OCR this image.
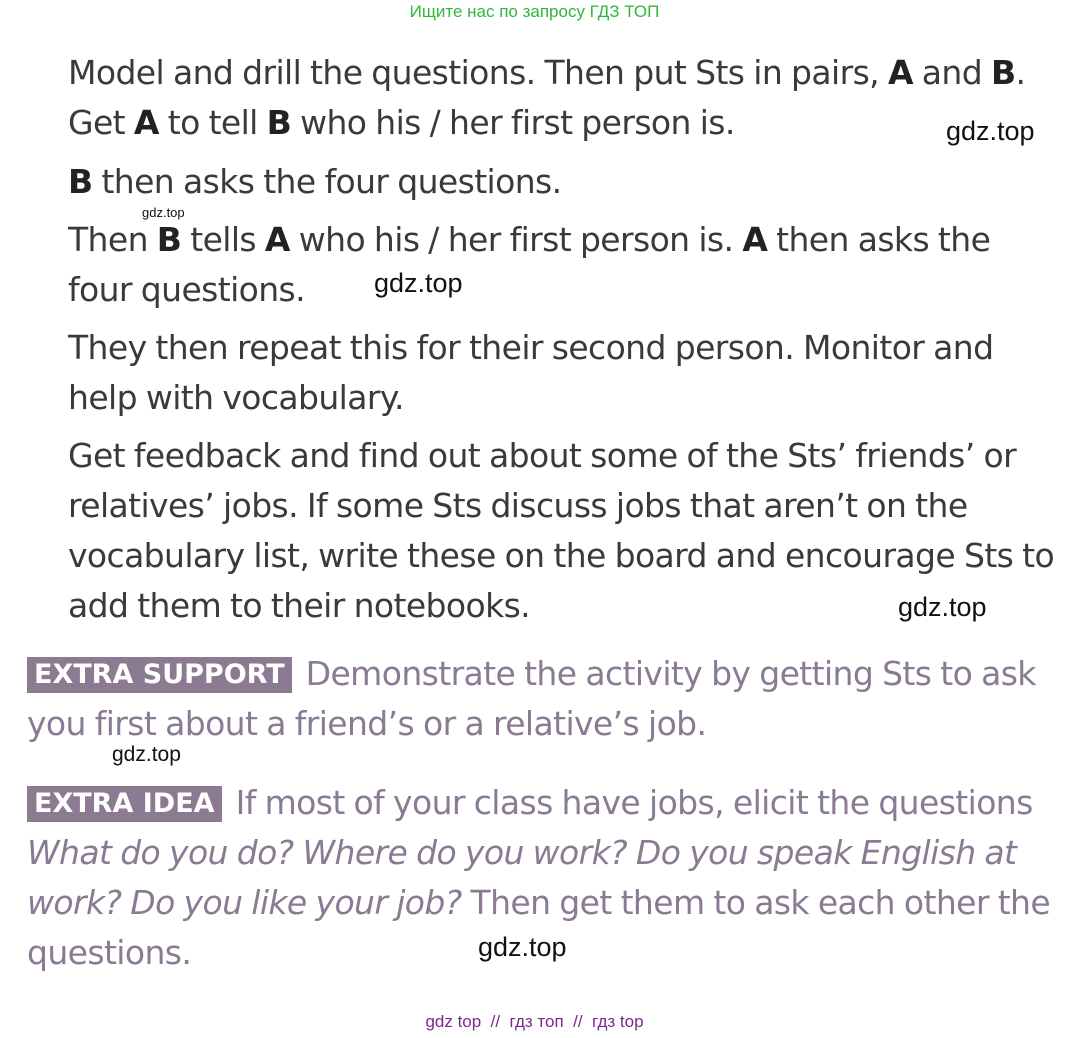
Ищите нас по запросу ГДЗ ТОП

Model and drill the questions. Then put Sts in pairs, A and B. Get A to tell B who his / her first person is.

B then asks the four questions.

Then B tells A who his / her first person is. A then asks the four questions.

They then repeat this for their second person. Monitor and help with vocabulary.

Get feedback and find out about some of the Sts’ friends’ or relatives’ jobs. If some Sts discuss jobs that aren’t on the vocabulary list, write these on the board and encourage Sts to add them to their notebooks.

EXTRA SUPPORT Demonstrate the activity by getting Sts to ask you first about a friend’s or a relative’s job.

EXTRA IDEA If most of your class have jobs, elicit the questions What do you do? Where do you work? Do you speak English at work? Do you like your job? Then get them to ask each other the questions.

gdz.top
gdz.top
gdz.top
gdz.top
gdz.top
gdz.top
gdz top  //  гдз топ  //  гдз top
